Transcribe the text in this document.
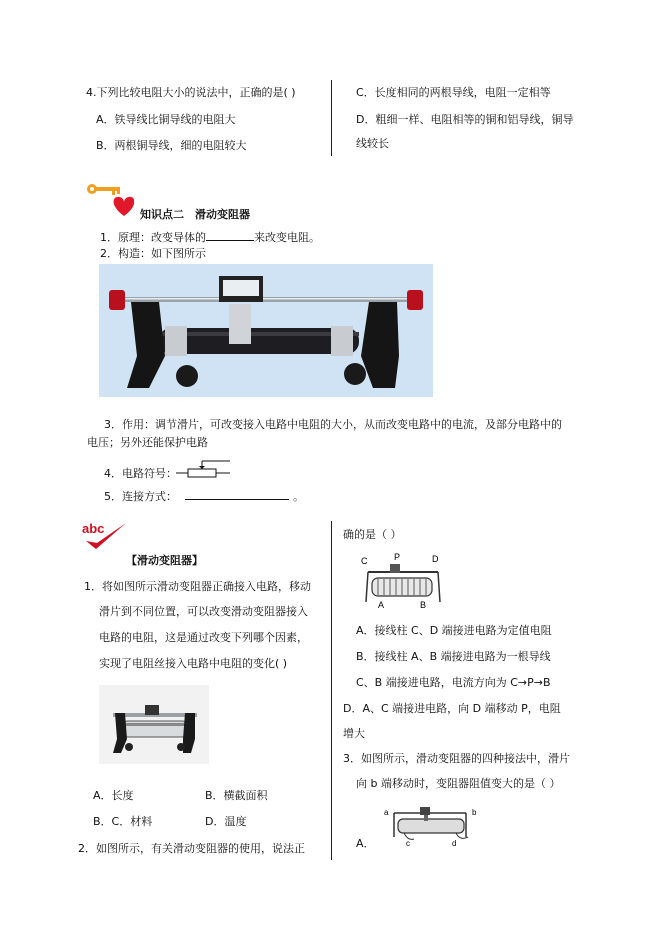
4.下列比较电阻大小的说法中，正确的是( )
A．铁导线比铜导线的电阻大
B．两根铜导线，细的电阻较大
C．长度相同的两根导线，电阻一定相等
D．粗细一样、电阻相等的铜和铝导线，铜导
线较长
知识点二　滑动变阻器
1．原理：改变导体的	来改变电阻。
2．构造：如下图所示
3．作用：调节滑片，可改变接入电路中电阻的大小，从而改变电路中的电流，及部分电路中的
电压；另外还能保护电路
4．电路符号：
5．连接方式：	。
abc
【滑动变阻器】
1．将如图所示滑动变阻器正确接入电路，移动
滑片到不同位置，可以改变滑动变阻器接入
电路的电阻，这是通过改变下列哪个因素，
实现了电阻丝接入电路中电阻的变化( )
A．长度	B．横截面积
B．C．材料	D．温度
2．如图所示，有关滑动变阻器的使用，说法正
确的是（ ）
C	P	D
A	B
A．接线柱 C、D 端接进电路为定值电阻
B．接线柱 A、B 端接进电路为一根导线
C、B 端接进电路，电流方向为 C→P→B
D．A、C 端接进电路，向 D 端移动 P，电阻
增大
3．如图所示，滑动变阻器的四种接法中，滑片
向 b 端移动时，变阻器阻值变大的是（ ）
a	b
c	d
A．
